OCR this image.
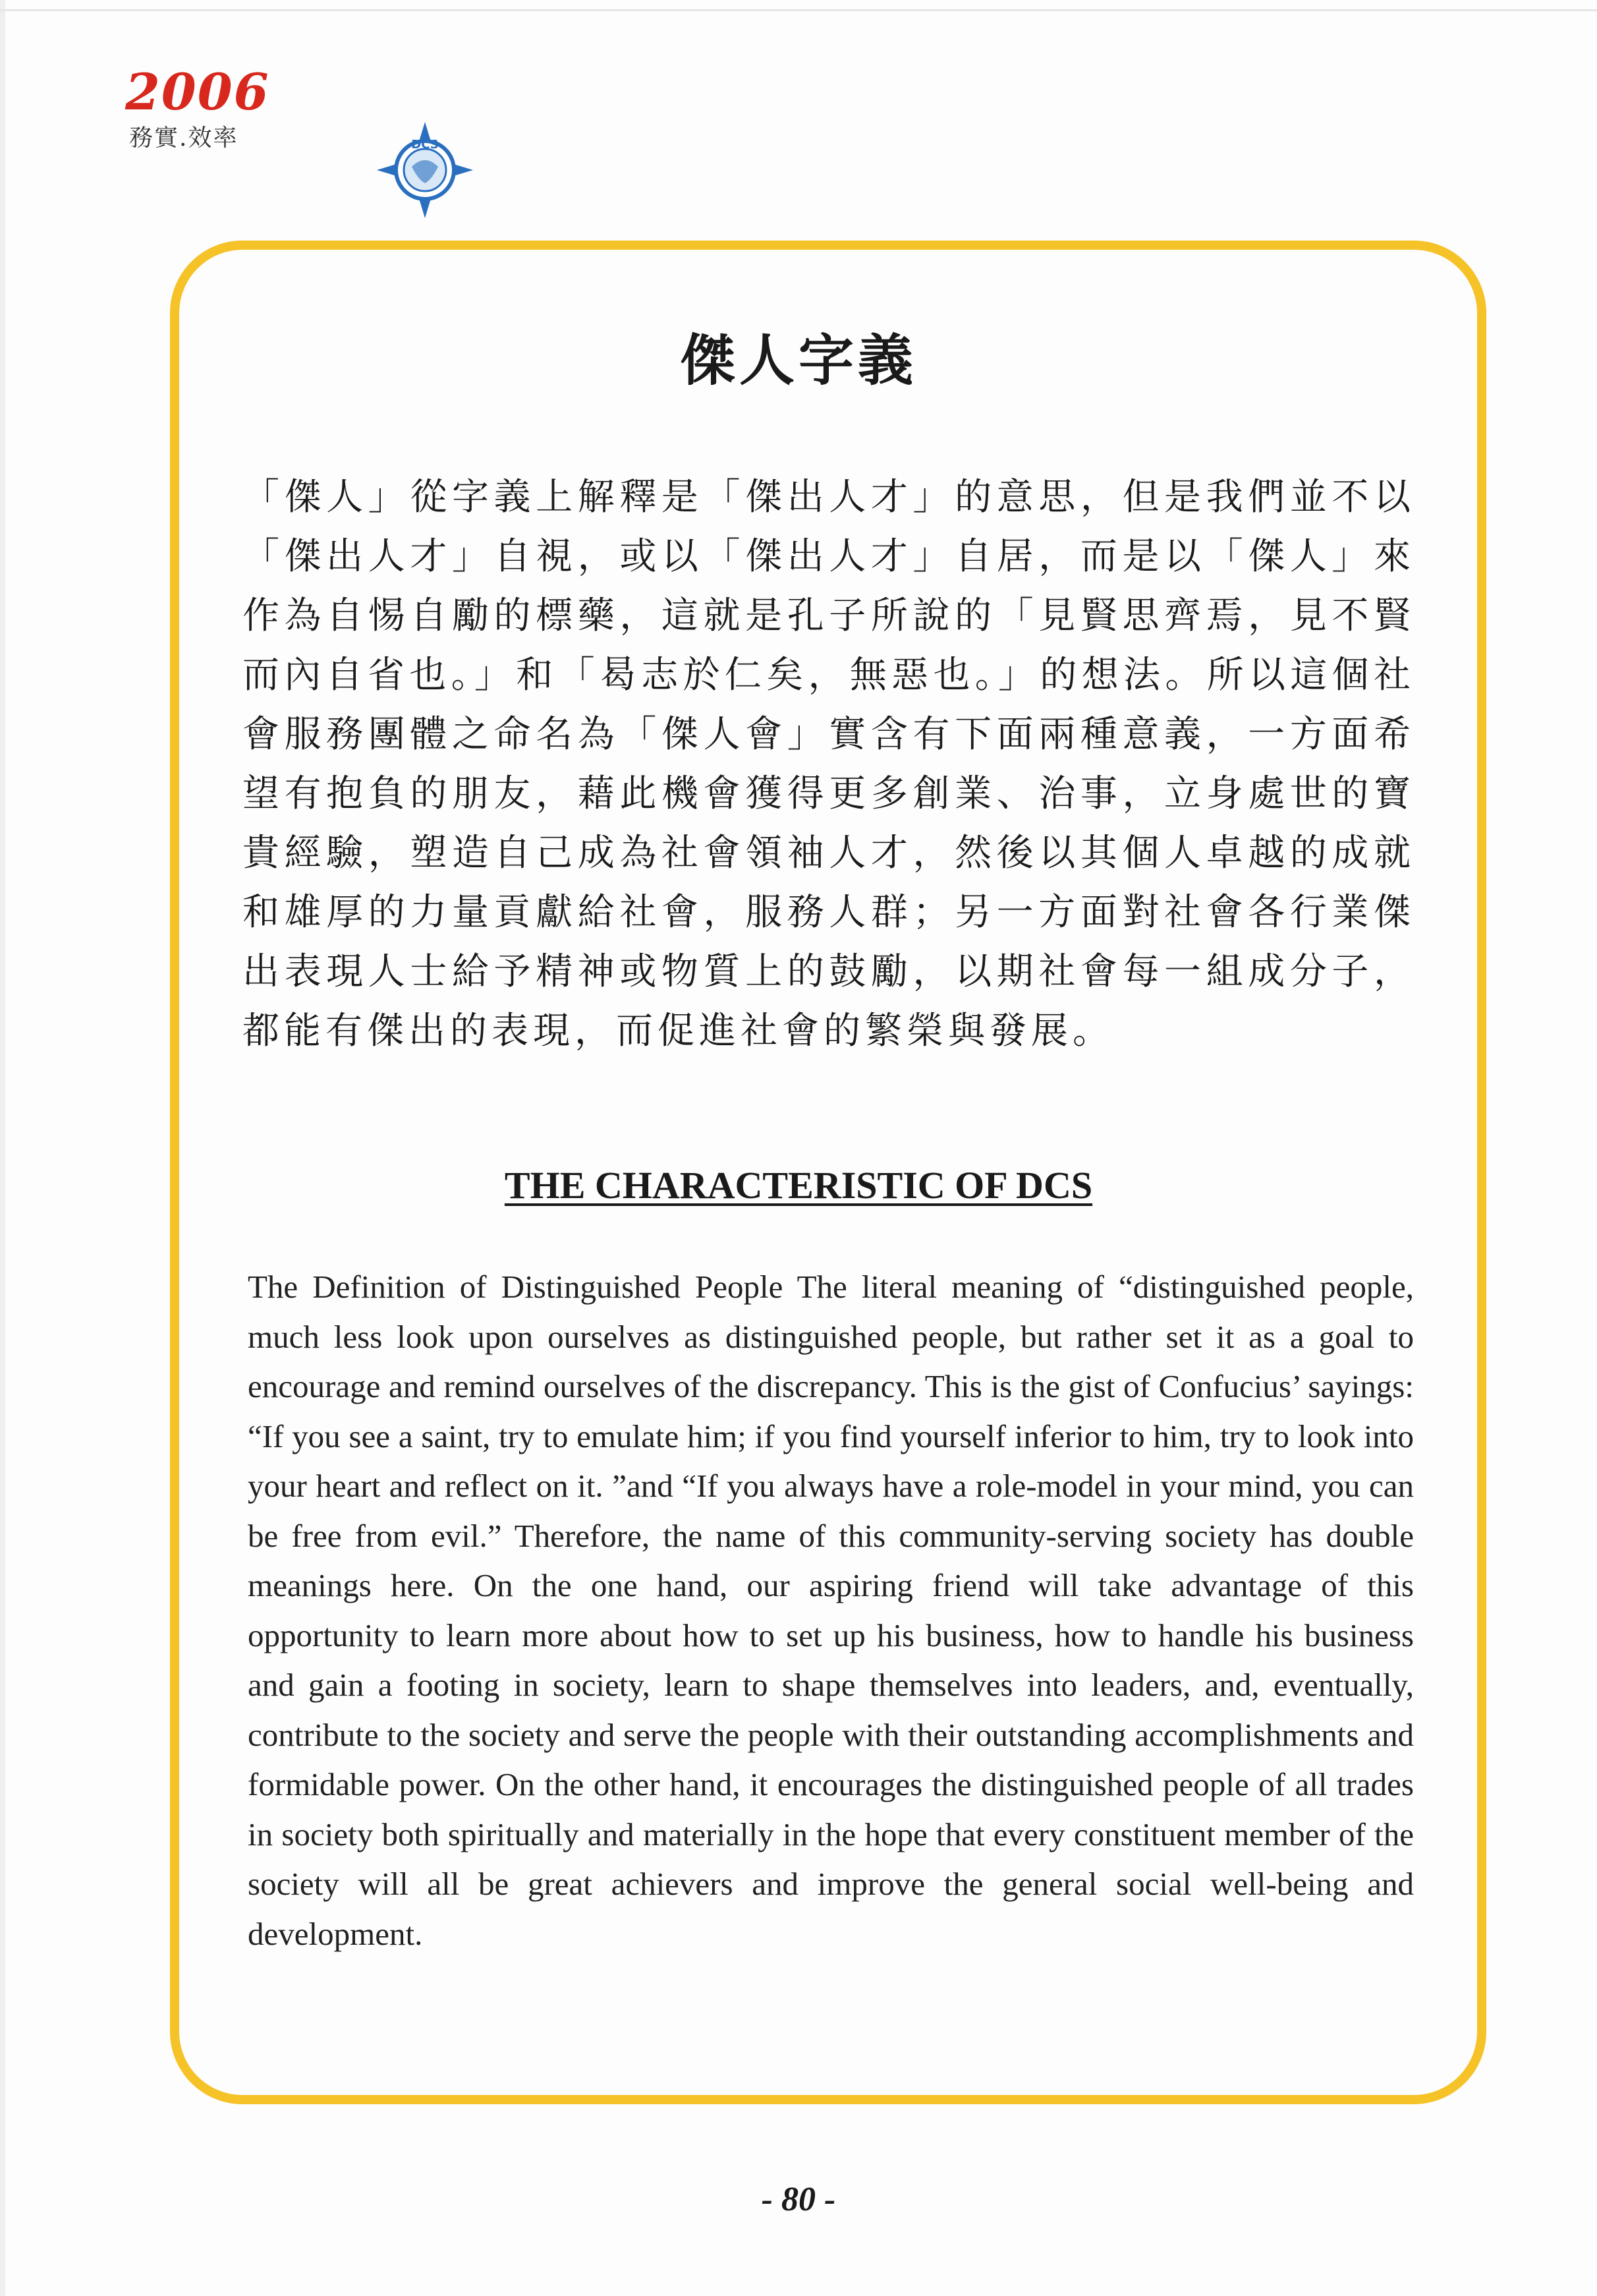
2006
務實.效率	DCS
傑人字義
「傑人」從字義上解釋是「傑出人才」的意思，但是我們並不以「傑出人才」自視，或以「傑出人才」自居，而是以「傑人」來作為自惕自勵的標藥，這就是孔子所說的「見賢思齊焉，見不賢而內自省也。」和「曷志於仁矣，無惡也。」的想法。所以這個社會服務團體之命名為「傑人會」實含有下面兩種意義，一方面希望有抱負的朋友，藉此機會獲得更多創業、治事，立身處世的寶貴經驗，塑造自己成為社會領袖人才，然後以其個人卓越的成就和雄厚的力量貢獻給社會，服務人群；另一方面對社會各行業傑出表現人士給予精神或物質上的鼓勵，以期社會每一組成分子，都能有傑出的表現，而促進社會的繁榮與發展。
THE CHARACTERISTIC OF DCS
The Definition of Distinguished People The literal meaning of “distinguished people, much less look upon ourselves as distinguished people, but rather set it as a goal to encourage and remind ourselves of the discrepancy. This is the gist of Confucius’ sayings: “If you see a saint, try to emulate him; if you find yourself inferior to him, try to look into your heart and reflect on it. ”and “If you always have a role-model in your mind, you can be free from evil.” Therefore, the name of this community-serving society has double meanings here. On the one hand, our aspiring friend will take advantage of this opportunity to learn more about how to set up his business, how to handle his business and gain a footing in society, learn to shape themselves into leaders, and, eventually, contribute to the society and serve the people with their outstanding accomplishments and formidable power. On the other hand, it encourages the distinguished people of all trades in society both spiritually and materially in the hope that every constituent member of the society will all be great achievers and improve the general social well-being and development.
- 80 -
